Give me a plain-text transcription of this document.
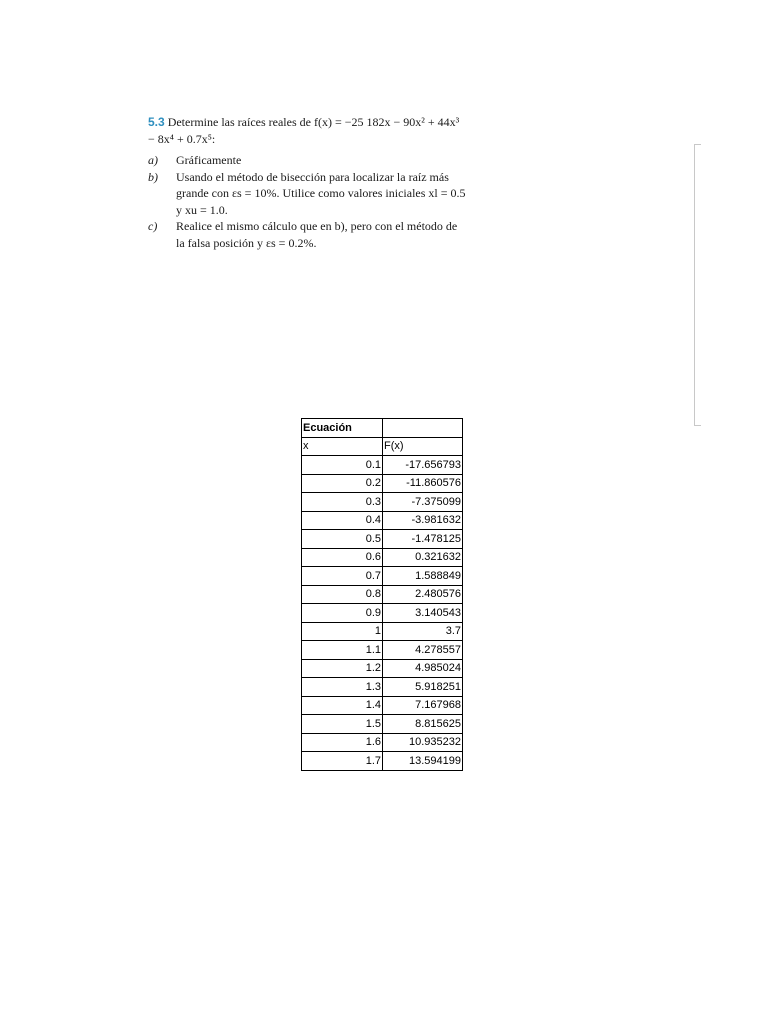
5.3 Determine las raíces reales de f(x) = −25 182x − 90x² + 44x³
− 8x⁴ + 0.7x⁵:
a) Gráficamente
b) Usando el método de bisección para localizar la raíz más
grande con εs = 10%. Utilice como valores iniciales xl = 0.5
y xu = 1.0.
c) Realice el mismo cálculo que en b), pero con el método de
la falsa posición y εs = 0.2%.
Ecuación	
x	F(x)
0.1	-17.656793
0.2	-11.860576
0.3	-7.375099
0.4	-3.981632
0.5	-1.478125
0.6	0.321632
0.7	1.588849
0.8	2.480576
0.9	3.140543
1	3.7
1.1	4.278557
1.2	4.985024
1.3	5.918251
1.4	7.167968
1.5	8.815625
1.6	10.935232
1.7	13.594199
